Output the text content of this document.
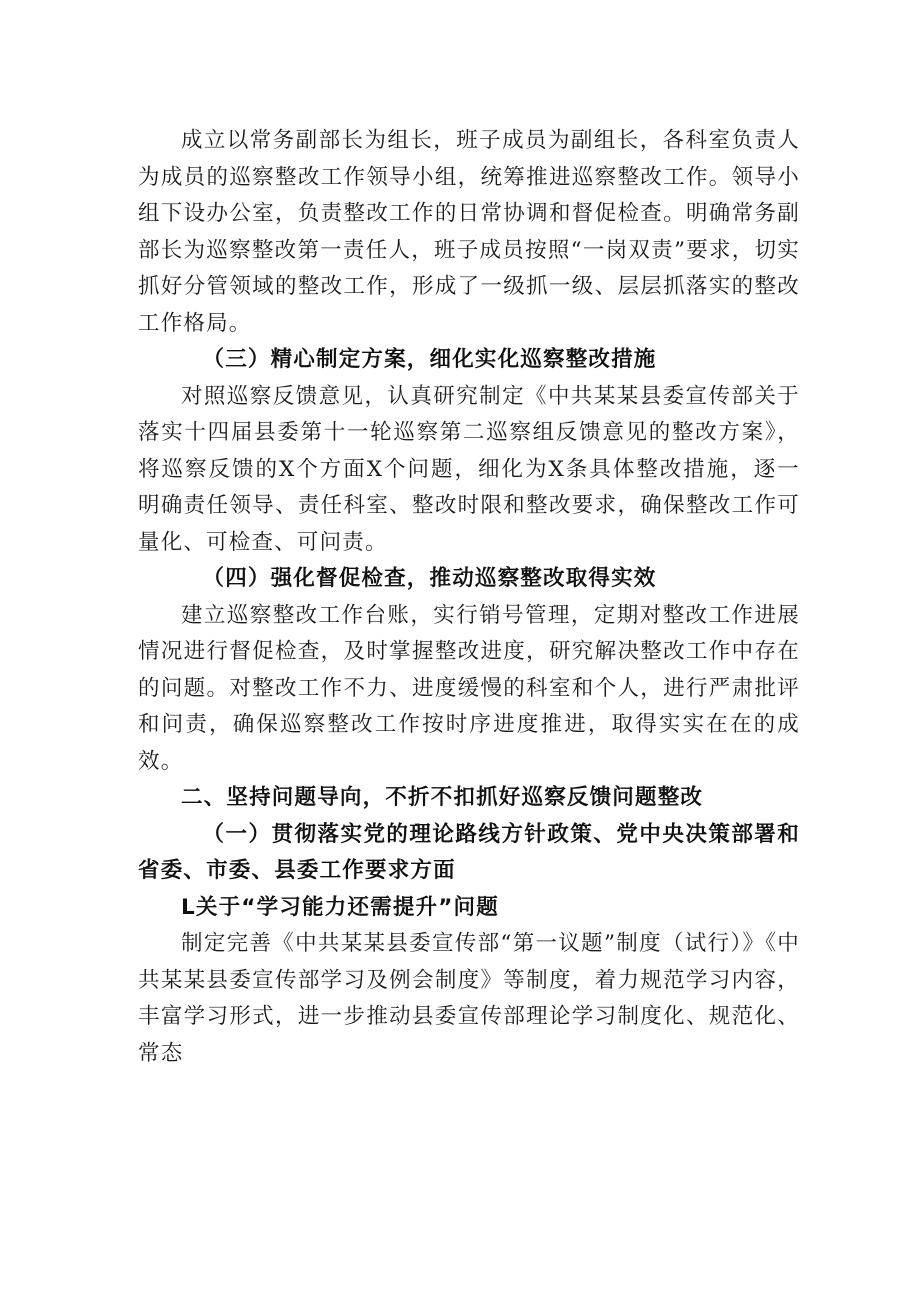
成立以常务副部长为组长，班子成员为副组长，各科室负责人为成员的巡察整改工作领导小组，统筹推进巡察整改工作。领导小组下设办公室，负责整改工作的日常协调和督促检查。明确常务副部长为巡察整改第一责任人，班子成员按照“一岗双责”要求，切实抓好分管领域的整改工作，形成了一级抓一级、层层抓落实的整改工作格局。

（三）精心制定方案，细化实化巡察整改措施

对照巡察反馈意见，认真研究制定《中共某某县委宣传部关于落实十四届县委第十一轮巡察第二巡察组反馈意见的整改方案》，将巡察反馈的X个方面X个问题，细化为X条具体整改措施，逐一明确责任领导、责任科室、整改时限和整改要求，确保整改工作可量化、可检查、可问责。

（四）强化督促检查，推动巡察整改取得实效

建立巡察整改工作台账，实行销号管理，定期对整改工作进展情况进行督促检查，及时掌握整改进度，研究解决整改工作中存在的问题。对整改工作不力、进度缓慢的科室和个人，进行严肃批评和问责，确保巡察整改工作按时序进度推进，取得实实在在的成效。

二、坚持问题导向，不折不扣抓好巡察反馈问题整改

（一）贯彻落实党的理论路线方针政策、党中央决策部署和省委、市委、县委工作要求方面

L关于“学习能力还需提升”问题

制定完善《中共某某县委宣传部“第一议题”制度（试行）》《中共某某县委宣传部学习及例会制度》等制度，着力规范学习内容，丰富学习形式，进一步推动县委宣传部理论学习制度化、规范化、常态
